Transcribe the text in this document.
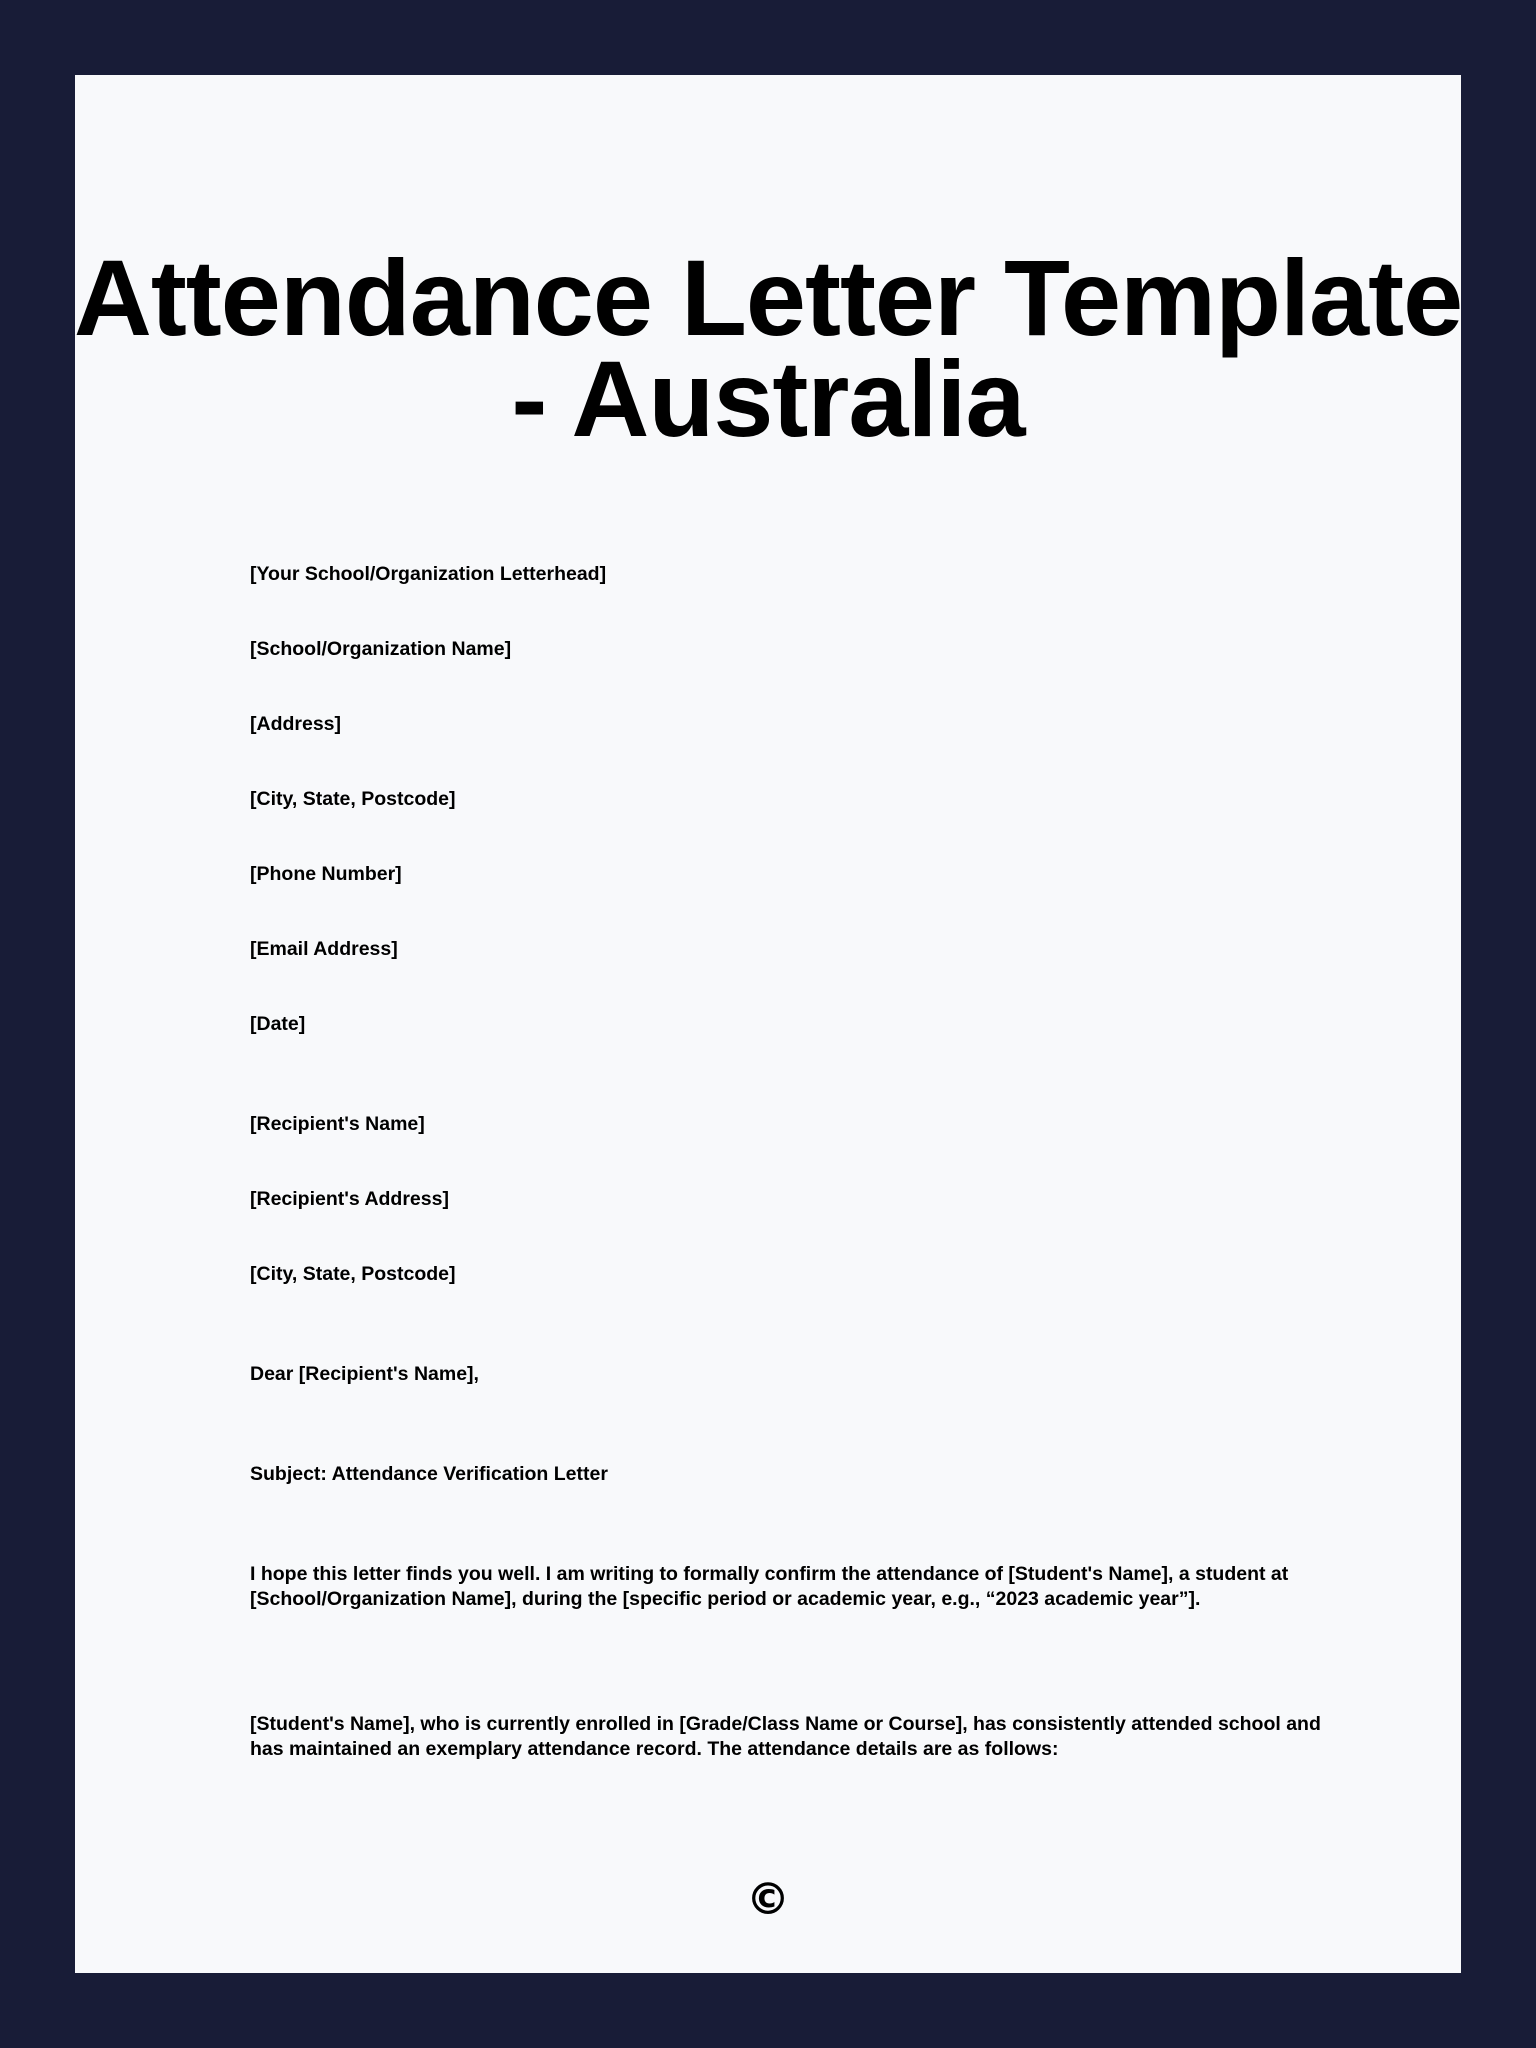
Attendance Letter Template - Australia

[Your School/Organization Letterhead]

[School/Organization Name]

[Address]

[City, State, Postcode]

[Phone Number]

[Email Address]

[Date]

[Recipient's Name]

[Recipient's Address]

[City, State, Postcode]

Dear [Recipient's Name],

Subject: Attendance Verification Letter

I hope this letter finds you well. I am writing to formally confirm the attendance of [Student's Name], a student at [School/Organization Name], during the [specific period or academic year, e.g., “2023 academic year”].

[Student's Name], who is currently enrolled in [Grade/Class Name or Course], has consistently attended school and has maintained an exemplary attendance record. The attendance details are as follows:

©
